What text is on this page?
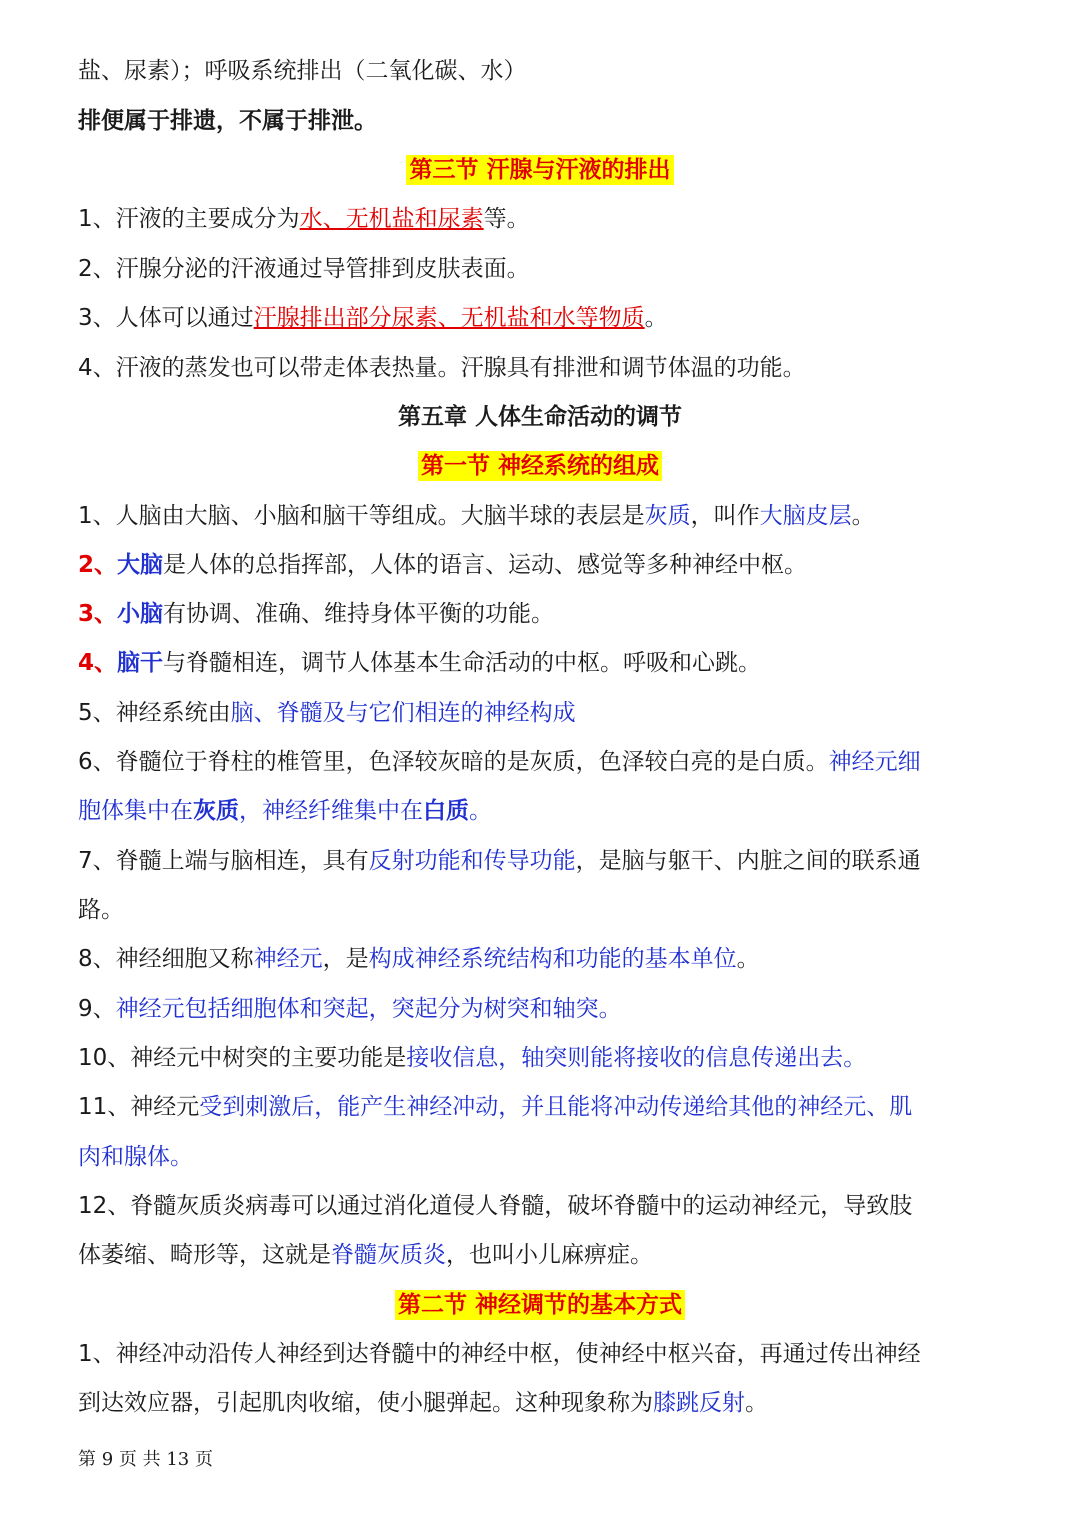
盐、尿素）；呼吸系统排出（二氧化碳、水）
排便属于排遗，不属于排泄。
第三节 汗腺与汗液的排出
1、汗液的主要成分为水、无机盐和尿素等。
2、汗腺分泌的汗液通过导管排到皮肤表面。
3、人体可以通过汗腺排出部分尿素、无机盐和水等物质。
4、汗液的蒸发也可以带走体表热量。汗腺具有排泄和调节体温的功能。
第五章 人体生命活动的调节
第一节 神经系统的组成
1、人脑由大脑、小脑和脑干等组成。大脑半球的表层是灰质，叫作大脑皮层。
2、大脑是人体的总指挥部，人体的语言、运动、感觉等多种神经中枢。
3、小脑有协调、准确、维持身体平衡的功能。
4、脑干与脊髓相连，调节人体基本生命活动的中枢。呼吸和心跳。
5、神经系统由脑、脊髓及与它们相连的神经构成
6、脊髓位于脊柱的椎管里，色泽较灰暗的是灰质，色泽较白亮的是白质。神经元细
胞体集中在灰质，神经纤维集中在白质。
7、脊髓上端与脑相连，具有反射功能和传导功能，是脑与躯干、内脏之间的联系通
路。
8、神经细胞又称神经元，是构成神经系统结构和功能的基本单位。
9、神经元包括细胞体和突起，突起分为树突和轴突。
10、神经元中树突的主要功能是接收信息，轴突则能将接收的信息传递出去。
11、神经元受到刺激后，能产生神经冲动，并且能将冲动传递给其他的神经元、肌
肉和腺体。
12、脊髓灰质炎病毒可以通过消化道侵人脊髓，破坏脊髓中的运动神经元，导致肢
体萎缩、畸形等，这就是脊髓灰质炎，也叫小儿麻痹症。
第二节 神经调节的基本方式
1、神经冲动沿传人神经到达脊髓中的神经中枢，使神经中枢兴奋，再通过传出神经
到达效应器，引起肌肉收缩，使小腿弹起。这种现象称为膝跳反射。
第 9 页 共 13 页
